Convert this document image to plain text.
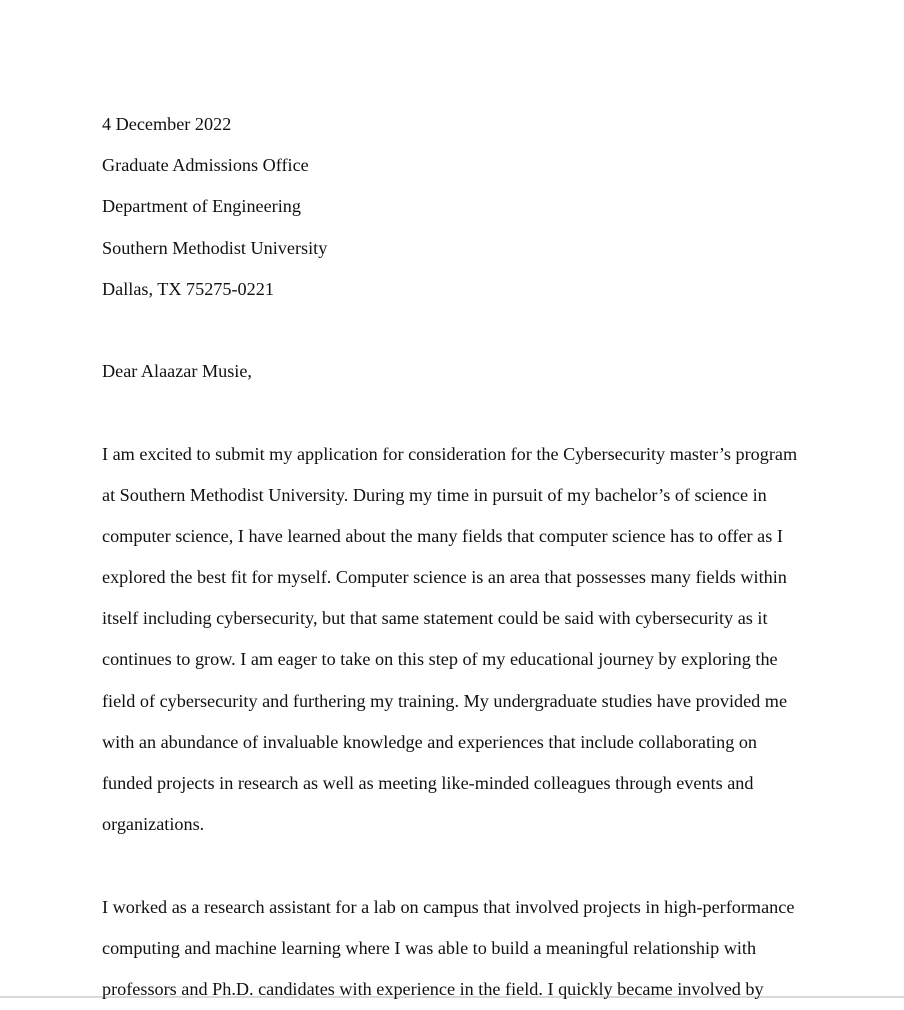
4 December 2022
Graduate Admissions Office
Department of Engineering
Southern Methodist University
Dallas, TX 75275-0221
Dear Alaazar Musie,
I am excited to submit my application for consideration for the Cybersecurity master’s program
at Southern Methodist University. During my time in pursuit of my bachelor’s of science in
computer science, I have learned about the many fields that computer science has to offer as I
explored the best fit for myself. Computer science is an area that possesses many fields within
itself including cybersecurity, but that same statement could be said with cybersecurity as it
continues to grow. I am eager to take on this step of my educational journey by exploring the
field of cybersecurity and furthering my training. My undergraduate studies have provided me
with an abundance of invaluable knowledge and experiences that include collaborating on
funded projects in research as well as meeting like-minded colleagues through events and
organizations.
I worked as a research assistant for a lab on campus that involved projects in high-performance
computing and machine learning where I was able to build a meaningful relationship with
professors and Ph.D. candidates with experience in the field. I quickly became involved by
